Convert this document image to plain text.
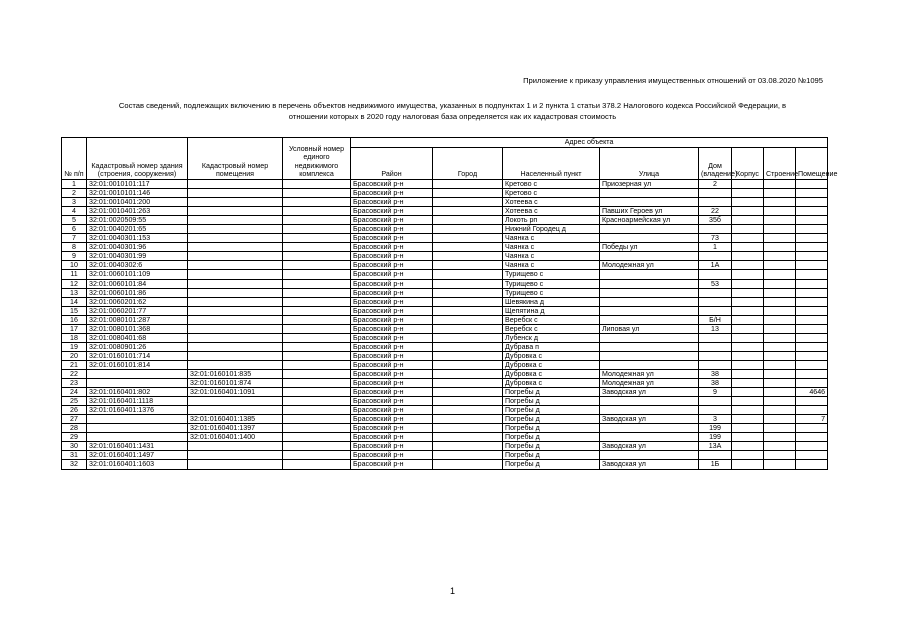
Приложение к приказу управления имущественных отношений от 03.08.2020 №1095
Состав сведений, подлежащих включению в перечень объектов недвижимого имущества, указанных в подпунктах 1 и 2 пункта 1 статьи 378.2 Налогового кодекса Российской Федерации, в
отношении которых в 2020 году налоговая база определяется как их кадастровая стоимость
№ п/п	Кадастровый номер здания (строения, сооружения)	Кадастровый номер помещения	Условный номер единого недвижимого комплекса	Адрес объекта							
				Район	Город	Населенный пункт	Улица	Дом (владение)	Корпус	Строение	Помещение
1	32:01:0010101:117			Брасовский р-н		Кретово с	Приозерная ул	2			
2	32:01:0010101:146			Брасовский р-н		Кретово с					
3	32:01:0010401:200			Брасовский р-н		Хотеева с					
4	32:01:0010401:263			Брасовский р-н		Хотеева с	Павших Героев ул	22			
5	32:01:0020509:55			Брасовский р-н		Локоть рп	Красноармейская ул	35б			
6	32:01:0040201:65			Брасовский р-н		Нижний Городец д					
7	32:01:0040301:153			Брасовский р-н		Чаянка с		73			
8	32:01:0040301:96			Брасовский р-н		Чаянка с	Победы ул	1			
9	32:01:0040301:99			Брасовский р-н		Чаянка с					
10	32:01:0040302:6			Брасовский р-н		Чаянка с	Молодежная ул	1А			
11	32:01:0060101:109			Брасовский р-н		Турищево с					
12	32:01:0060101:84			Брасовский р-н		Турищево с		53			
13	32:01:0060101:86			Брасовский р-н		Турищево с					
14	32:01:0060201:62			Брасовский р-н		Шевякина д					
15	32:01:0060201:77			Брасовский р-н		Щепятина д					
16	32:01:0080101:287			Брасовский р-н		Веребск с		Б/Н			
17	32:01:0080101:368			Брасовский р-н		Веребск с	Липовая ул	13			
18	32:01:0080401:68			Брасовский р-н		Лубенск д					
19	32:01:0080901:26			Брасовский р-н		Дубрава п					
20	32:01:0160101:714			Брасовский р-н		Дубровка с					
21	32:01:0160101:814			Брасовский р-н		Дубровка с					
22		32:01:0160101:835		Брасовский р-н		Дубровка с	Молодежная ул	38			
23		32:01:0160101:874		Брасовский р-н		Дубровка с	Молодежная ул	38			
24	32:01:0160401:802	32:01:0160401:1091		Брасовский р-н		Погребы д	Заводская ул	9			4646
25	32:01:0160401:1118			Брасовский р-н		Погребы д					
26	32:01:0160401:1376			Брасовский р-н		Погребы д					
27		32:01:0160401:1385		Брасовский р-н		Погребы д	Заводская ул	3			7
28		32:01:0160401:1397		Брасовский р-н		Погребы д		199			
29		32:01:0160401:1400		Брасовский р-н		Погребы д		199			
30	32:01:0160401:1431			Брасовский р-н		Погребы д	Заводская ул	13А			
31	32:01:0160401:1497			Брасовский р-н		Погребы д					
32	32:01:0160401:1603			Брасовский р-н		Погребы д	Заводская ул	1Б			
1
